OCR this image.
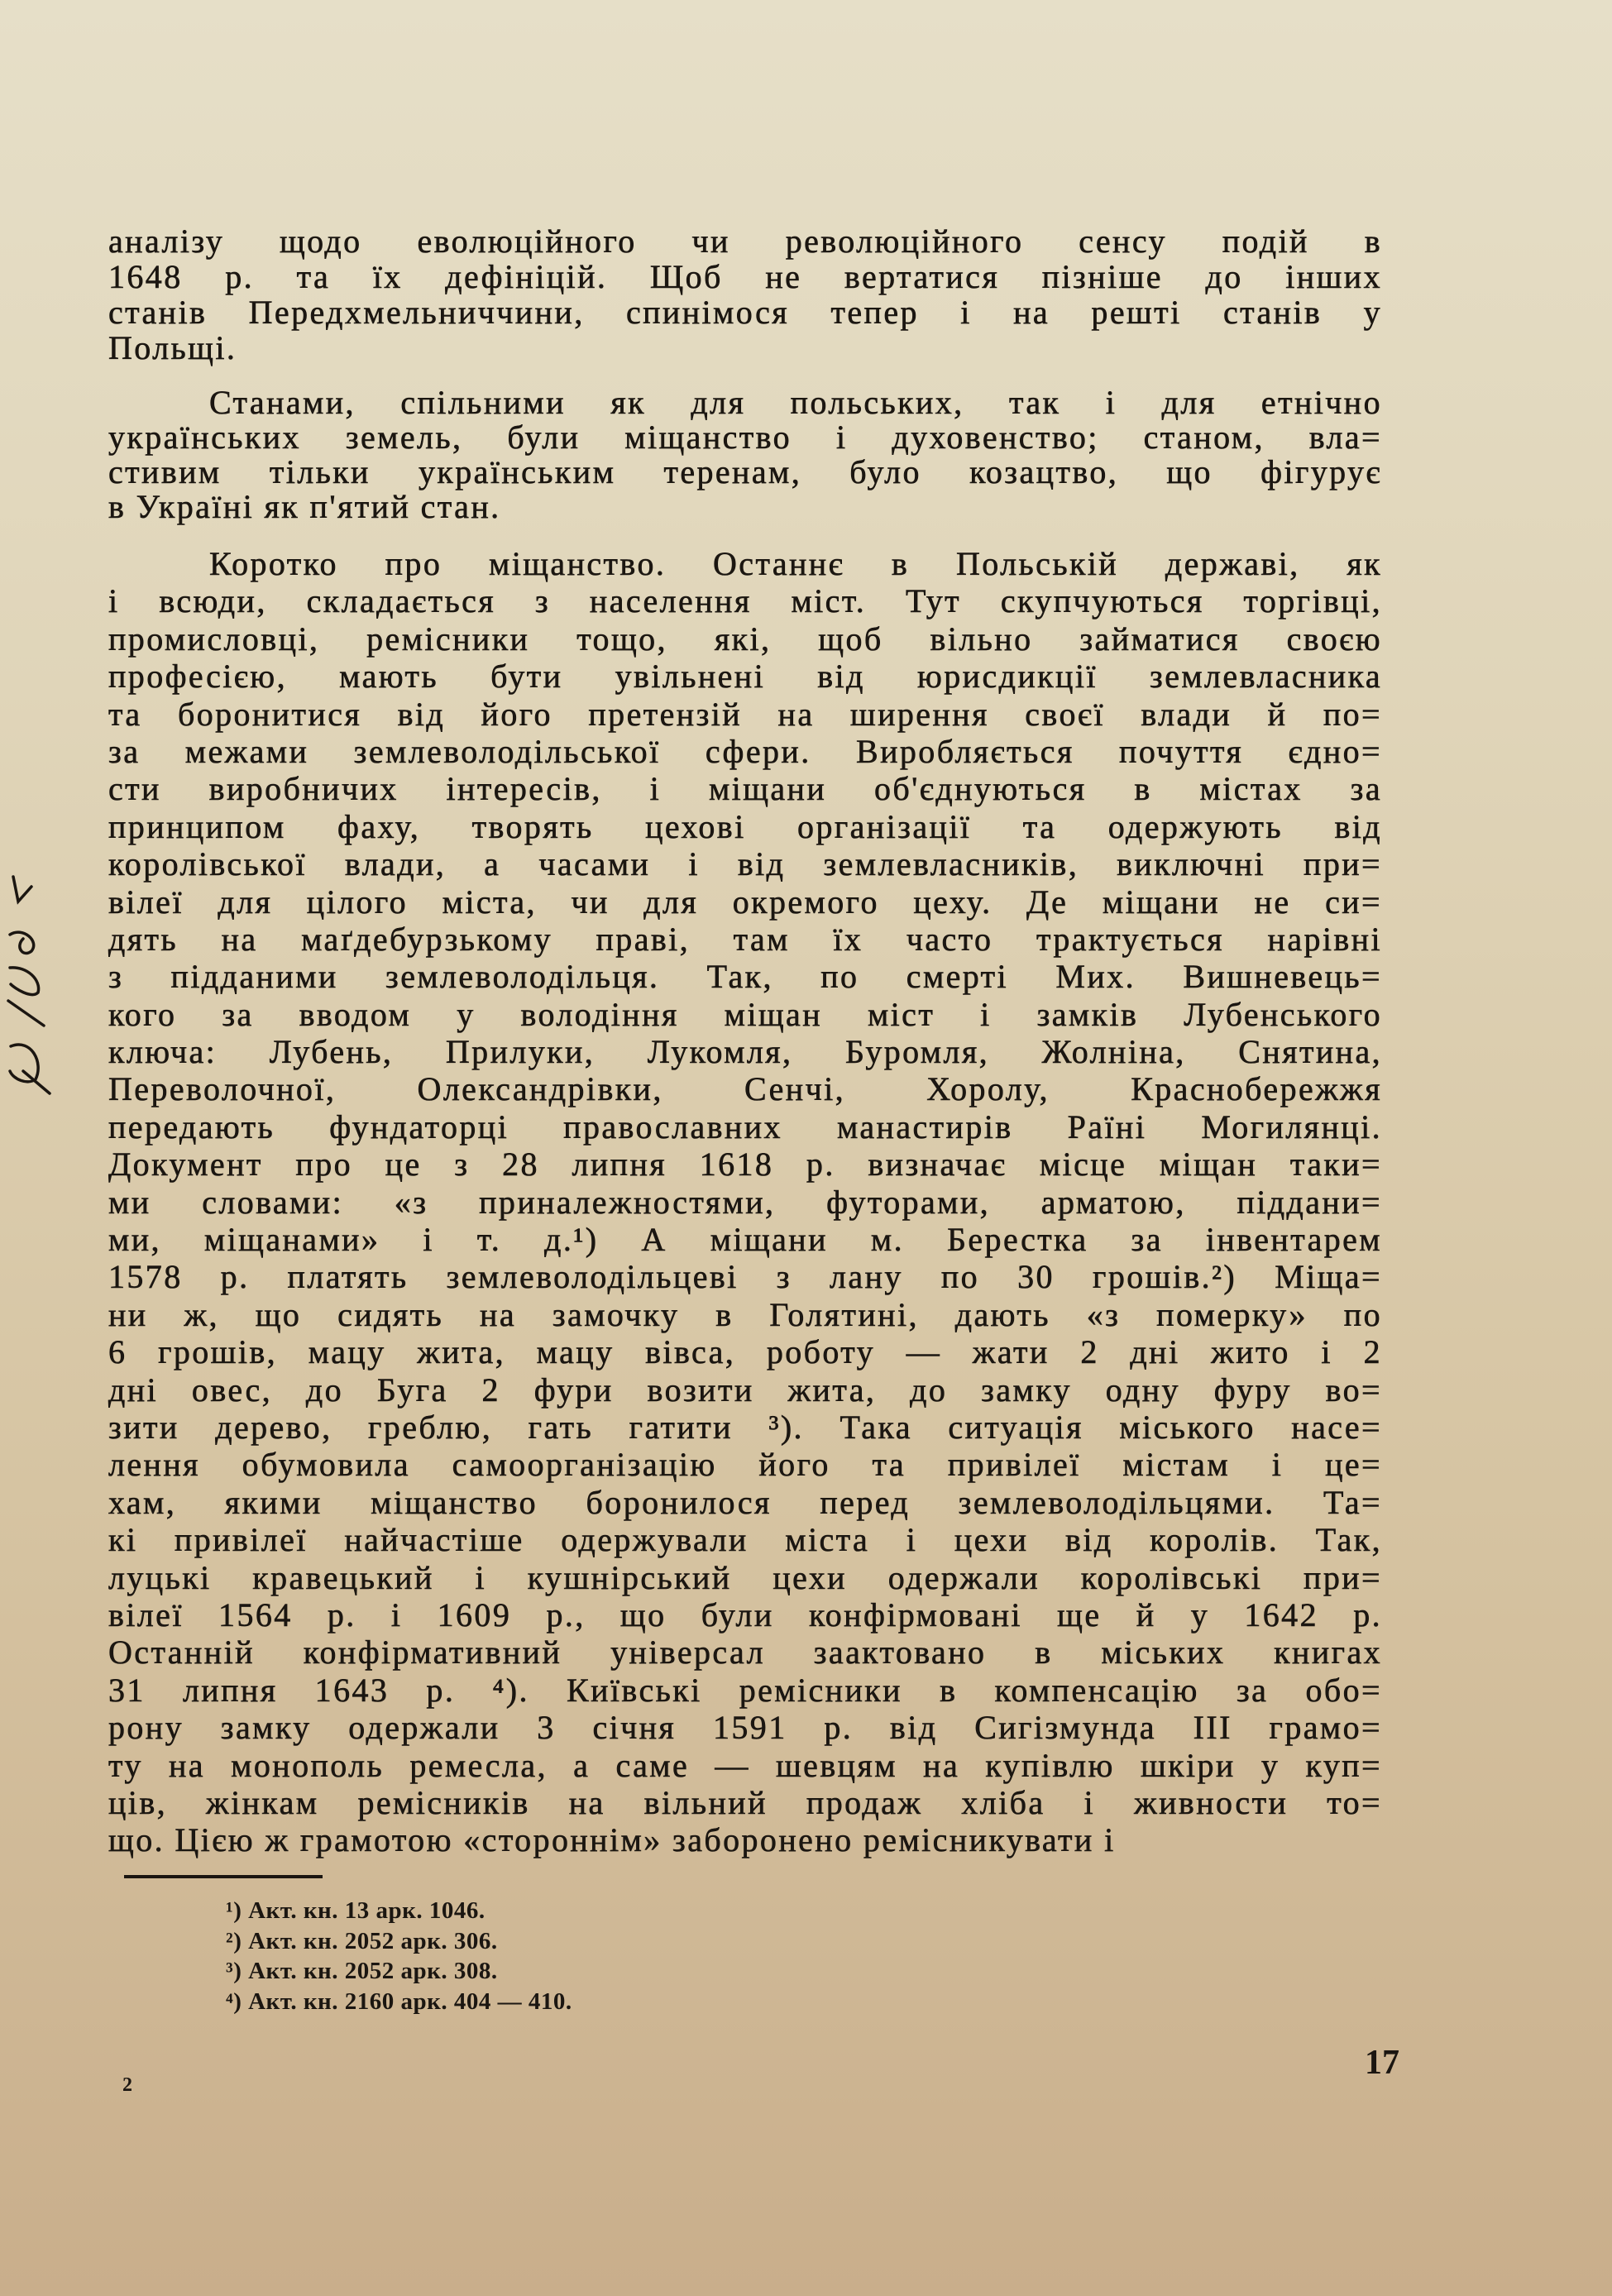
аналізу щодо еволюційного чи революційного сенсу подій в
1648 р. та їх дефініцій. Щоб не вертатися пізніше до інших
станів Передхмельниччини, спинімося тепер і на решті станів у
Польщі.
Станами, спільними як для польських, так і для етнічно
українських земель, були міщанство і духовенство; станом, вла=
стивим тільки українським теренам, було козацтво, що фігурує
в Україні як п'ятий стан.
Коротко про міщанство. Останнє в Польській державі, як
і всюди, складається з населення міст. Тут скупчуються торгівці,
промисловці, ремісники тощо, які, щоб вільно займатися своєю
професією, мають бути увільнені від юрисдикції землевласника
та боронитися від його претензій на ширення своєї влади й по=
за межами землеволодільської сфери. Виробляється почуття єдно=
сти виробничих інтересів, і міщани об'єднуються в містах за
принципом фаху, творять цехові організації та одержують від
королівської влади, а часами і від землевласників, виключні при=
вілеї для цілого міста, чи для окремого цеху. Де міщани не си=
дять на маґдебурзькому праві, там їх часто трактується нарівні
з підданими землеволодільця. Так, по смерті Мих. Вишневець=
кого за вводом у володіння міщан міст і замків Лубенського
ключа: Лубень, Прилуки, Лукомля, Буромля, Жолніна, Снятина,
Переволочної, Олександрівки, Сенчі, Хоролу, Краснобережжя
передають фундаторці православних манастирів Раїні Могилянці.
Документ про це з 28 липня 1618 р. визначає місце міщан таки=
ми словами: «з приналежностями, футорами, арматою, піддани=
ми, міщанами» і т. д.¹) А міщани м. Берестка за інвентарем
1578 р. платять землеволодільцеві з лану по 30 грошів.²) Міща=
ни ж, що сидять на замочку в Голятині, дають «з померку» по
6 грошів, мацу жита, мацу вівса, роботу — жати 2 дні жито і 2
дні овес, до Буга 2 фури возити жита, до замку одну фуру во=
зити дерево, греблю, гать гатити ³). Така ситуація міського насе=
лення обумовила самоорганізацію його та привілеї містам і це=
хам, якими міщанство боронилося перед землеволодільцями. Та=
кі привілеї найчастіше одержували міста і цехи від королів. Так,
луцькі кравецький і кушнірський цехи одержали королівські при=
вілеї 1564 р. і 1609 р., що були конфірмовані ще й у 1642 р.
Останній конфірмативний універсал заактовано в міських книгах
31 липня 1643 р. ⁴). Київські ремісники в компенсацію за обо=
рону замку одержали 3 січня 1591 р. від Сигізмунда III грамо=
ту на монополь ремесла, а саме — шевцям на купівлю шкіри у куп=
ців, жінкам ремісників на вільний продаж хліба і живности то=
що. Цією ж грамотою «стороннім» заборонено ремісникувати і
¹) Акт. кн. 13 арк. 1046.
²) Акт. кн. 2052 арк. 306.
³) Акт. кн. 2052 арк. 308.
⁴) Акт. кн. 2160 арк. 404 — 410.
2
17
